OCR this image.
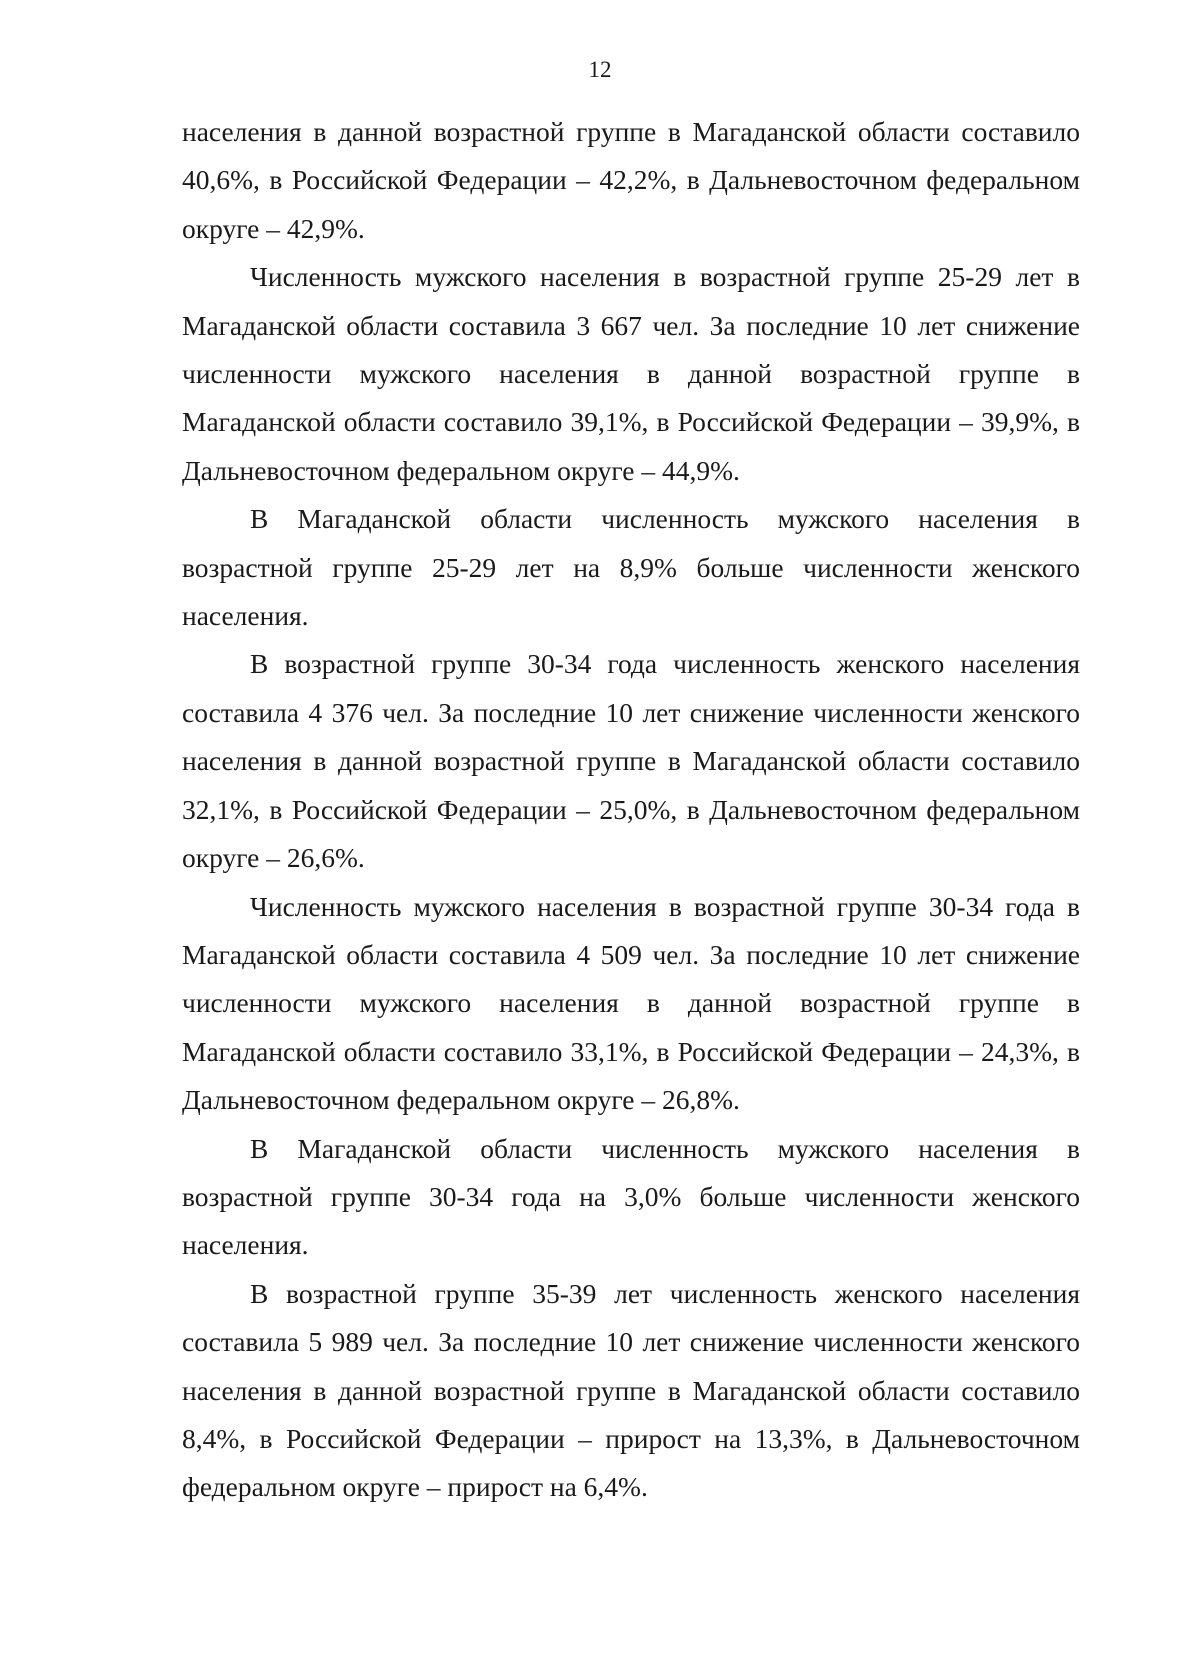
12

населения в данной возрастной группе в Магаданской области составило 40,6%, в Российской Федерации – 42,2%, в Дальневосточном федеральном округе – 42,9%.

Численность мужского населения в возрастной группе 25-29 лет в Магаданской области составила 3 667 чел. За последние 10 лет снижение численности мужского населения в данной возрастной группе в Магаданской области составило 39,1%, в Российской Федерации – 39,9%, в Дальневосточном федеральном округе – 44,9%.

В Магаданской области численность мужского населения в возрастной группе 25-29 лет на 8,9% больше численности женского населения.

В возрастной группе 30-34 года численность женского населения составила 4 376 чел. За последние 10 лет снижение численности женского населения в данной возрастной группе в Магаданской области составило 32,1%, в Российской Федерации – 25,0%, в Дальневосточном федеральном округе – 26,6%.

Численность мужского населения в возрастной группе 30-34 года в Магаданской области составила 4 509 чел. За последние 10 лет снижение численности мужского населения в данной возрастной группе в Магаданской области составило 33,1%, в Российской Федерации – 24,3%, в Дальневосточном федеральном округе – 26,8%.

В Магаданской области численность мужского населения в возрастной группе 30-34 года на 3,0% больше численности женского населения.

В возрастной группе 35-39 лет численность женского населения составила 5 989 чел. За последние 10 лет снижение численности женского населения в данной возрастной группе в Магаданской области составило 8,4%, в Российской Федерации – прирост на 13,3%, в Дальневосточном федеральном округе – прирост на 6,4%.
